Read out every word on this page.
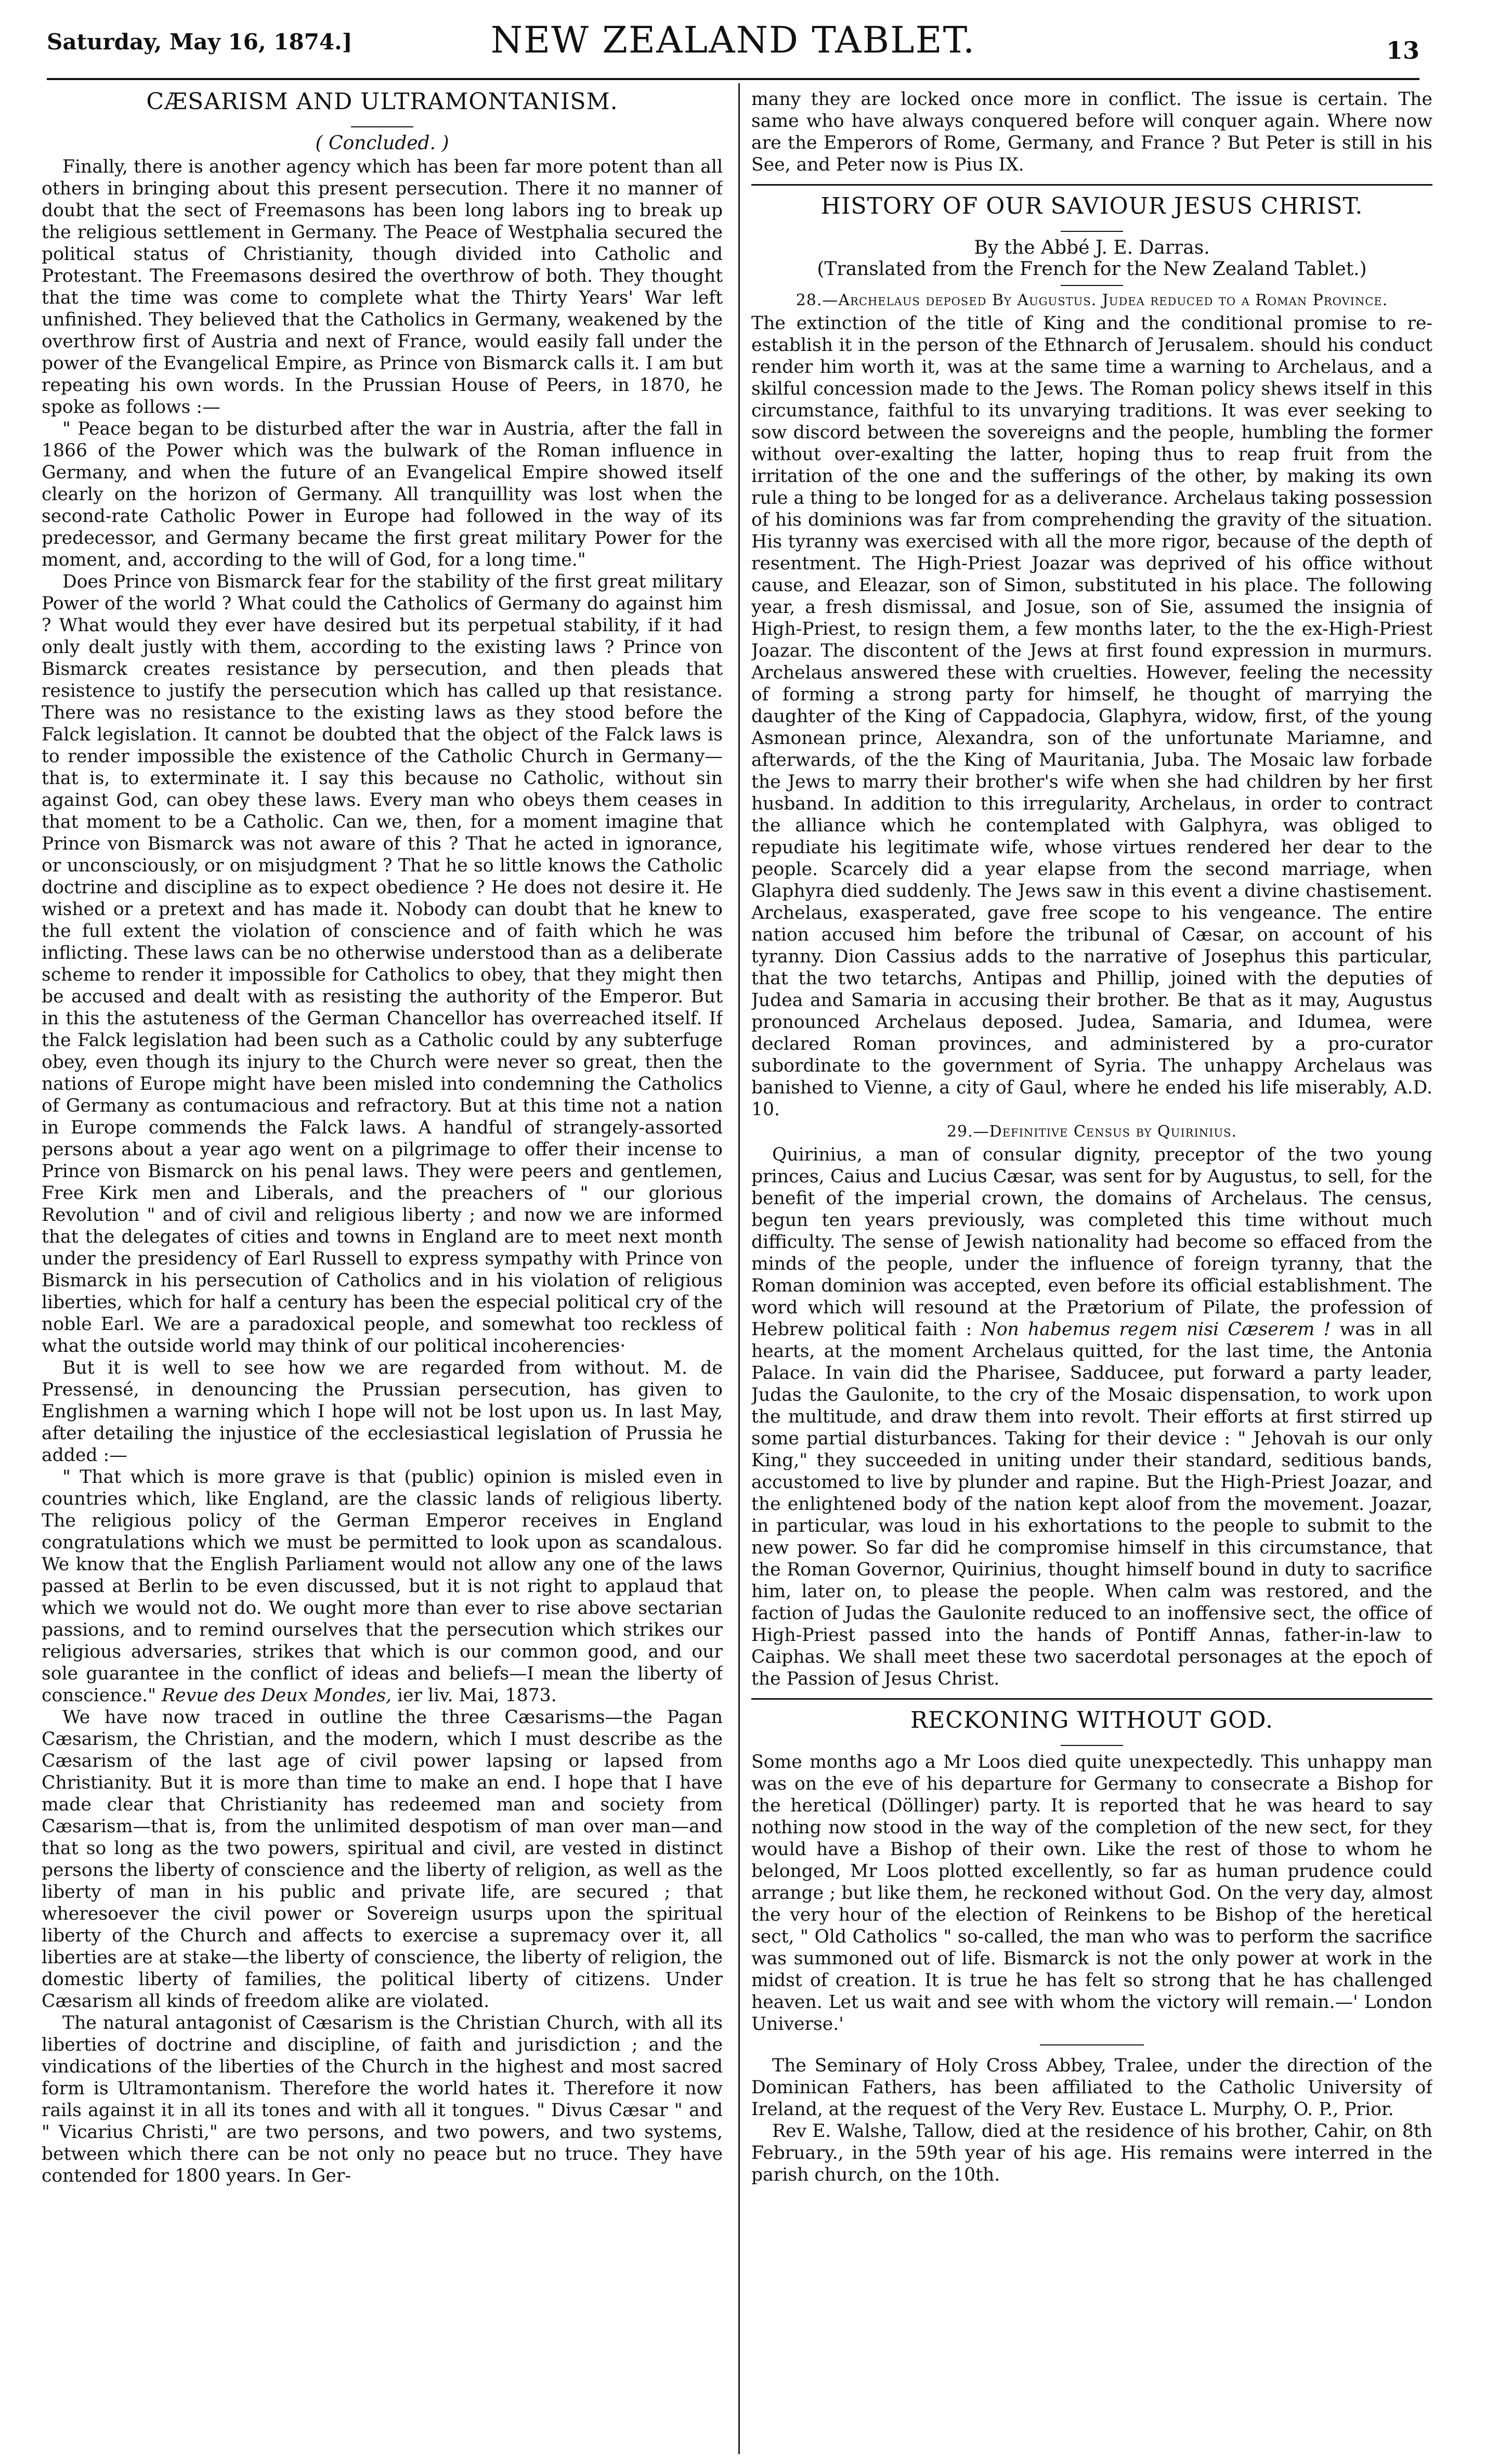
Saturday, May 16, 1874.]	NEW ZEALAND TABLET.	13
CÆSARISM AND ULTRAMONTANISM.
( Concluded. )

Finally, there is another agency which has been far more potent than all others in bringing about this present persecution. There it no manner of doubt that the sect of Freemasons has been long labors ing to break up the religious settlement in Germany. The Peace of Westphalia secured the political status of Christianity, though divided into Catholic and Protestant. The Freemasons desired the overthrow of both. They thought that the time was come to complete what the Thirty Years' War left unfinished. They believed that the Catholics in Germany, weakened by the overthrow first of Austria and next of France, would easily fall under the power of the Evangelical Empire, as Prince von Bismarck calls it. I am but repeating his own words. In the Prussian House of Peers, in 1870, he spoke as follows :—

" Peace began to be disturbed after the war in Austria, after the fall in 1866 of the Power which was the bulwark of the Roman influence in Germany, and when the future of an Evangelical Empire showed itself clearly on the horizon of Germany. All tranquillity was lost when the second-rate Catholic Power in Europe had followed in the way of its predecessor, and Germany became the first great military Power for the moment, and, according to the will of God, for a long time."

Does Prince von Bismarck fear for the stability of the first great military Power of the world ? What could the Catholics of Germany do against him ? What would they ever have desired but its perpetual stability, if it had only dealt justly with them, according to the existing laws ? Prince von Bismarck creates resistance by persecution, and then pleads that resistence to justify the persecution which has called up that resistance. There was no resistance to the existing laws as they stood before the Falck legislation. It cannot be doubted that the object of the Falck laws is to render impossible the existence of the Catholic Church in Germany—that is, to exterminate it. I say this because no Catholic, without sin against God, can obey these laws. Every man who obeys them ceases in that moment to be a Catholic. Can we, then, for a moment imagine that Prince von Bismarck was not aware of this ? That he acted in ignorance, or unconsciously, or on misjudgment ? That he so little knows the Catholic doctrine and discipline as to expect obedience ? He does not desire it. He wished or a pretext and has made it. Nobody can doubt that he knew to the full extent the violation of conscience and of faith which he was inflicting. These laws can be no otherwise understood than as a deliberate scheme to render it impossible for Catholics to obey, that they might then be accused and dealt with as resisting the authority of the Emperor. But in this the astuteness of the German Chancellor has overreached itself. If the Falck legislation had been such as a Catholic could by any subterfuge obey, even though its injury to the Church were never so great, then the nations of Europe might have been misled into condemning the Catholics of Germany as contumacious and refractory. But at this time not a nation in Europe commends the Falck laws. A handful of strangely-assorted persons about a year ago went on a pilgrimage to offer their incense to Prince von Bismarck on his penal laws. They were peers and gentlemen, Free Kirk men and Liberals, and the preachers of " our glorious Revolution " and of civil and religious liberty ; and now we are informed that the delegates of cities and towns in England are to meet next month under the presidency of Earl Russell to express sympathy with Prince von Bismarck in his persecution of Catholics and in his violation of religious liberties, which for half a century has been the especial political cry of the noble Earl. We are a paradoxical people, and somewhat too reckless of what the outside world may think of our political incoherencies·

But it is well to see how we are regarded from without. M. de Pressensé, in denouncing the Prussian persecution, has given to Englishmen a warning which I hope will not be lost upon us. In last May, after detailing the injustice of the ecclesiastical legislation of Prussia he added :—

" That which is more grave is that (public) opinion is misled even in countries which, like England, are the classic lands of religious liberty. The religious policy of the German Emperor receives in England congratulations which we must be permitted to look upon as scandalous. We know that the English Parliament would not allow any one of the laws passed at Berlin to be even discussed, but it is not right to applaud that which we would not do. We ought more than ever to rise above sectarian passions, and to remind ourselves that the persecution which strikes our religious adversaries, strikes that which is our common good, and our sole guarantee in the conflict of ideas and beliefs—I mean the liberty of conscience." Revue des Deux Mondes, ier liv. Mai, 1873.

We have now traced in outline the three Cæsarisms—the Pagan Cæsarism, the Christian, and the modern, which I must describe as the Cæsarism of the last age of civil power lapsing or lapsed from Christianity. But it is more than time to make an end. I hope that I have made clear that Christianity has redeemed man and society from Cæsarism—that is, from the unlimited despotism of man over man—and that so long as the two powers, spiritual and civil, are vested in distinct persons the liberty of conscience and the liberty of religion, as well as the liberty of man in his public and private life, are secured ; that wheresoever the civil power or Sovereign usurps upon the spiritual liberty of the Church and affects to exercise a supremacy over it, all liberties are at stake—the liberty of conscience, the liberty of religion, the domestic liberty of families, the political liberty of citizens. Under Cæsarism all kinds of freedom alike are violated.

The natural antagonist of Cæsarism is the Christian Church, with all its liberties of doctrine and discipline, of faith and jurisdiction ; and the vindications of the liberties of the Church in the highest and most sacred form is Ultramontanism. Therefore the world hates it. Therefore it now rails against it in all its tones and with all it tongues. " Divus Cæsar " and " Vicarius Christi," are two persons, and two powers, and two systems, between which there can be not only no peace but no truce. They have contended for 1800 years. In Ger-

many they are locked once more in conflict. The issue is certain. The same who have always conquered before will conquer again. Where now are the Emperors of Rome, Germany, and France ? But Peter is still in his See, and Peter now is Pius IX.

HISTORY OF OUR SAVIOUR JESUS CHRIST.

By the Abbé J. E. Darras.

(Translated from the French for the New Zealand Tablet.)

28.—Archelaus deposed By Augustus. Judea reduced to a Roman Province.

The extinction of the title of King and the conditional promise to re-establish it in the person of the Ethnarch of Jerusalem. should his conduct render him worth it, was at the same time a warning to Archelaus, and a skilful concession made to the Jews. The Roman policy shews itself in this circumstance, faithful to its unvarying traditions. It was ever seeking to sow discord between the sovereigns and the people, humbling the former without over-exalting the latter, hoping thus to reap fruit from the irritation of the one and the sufferings of the other, by making its own rule a thing to be longed for as a deliverance. Archelaus taking possession of his dominions was far from comprehending the gravity of the situation. His tyranny was exercised with all the more rigor, because of the depth of resentment. The High-Priest Joazar was deprived of his office without cause, and Eleazar, son of Simon, substituted in his place. The following year, a fresh dismissal, and Josue, son of Sie, assumed the insignia of High-Priest, to resign them, a few months later, to the the ex-High-Priest Joazar. The discontent of the Jews at first found expression in murmurs. Archelaus answered these with cruelties. However, feeling the necessity of forming a strong party for himself, he thought of marrying the daughter of the King of Cappadocia, Glaphyra, widow, first, of the young Asmonean prince, Alexandra, son of the unfortunate Mariamne, and afterwards, of the the King of Mauritania, Juba. The Mosaic law forbade the Jews to marry their brother's wife when she had children by her first husband. In addition to this irregularity, Archelaus, in order to contract the alliance which he contemplated with Galphyra, was obliged to repudiate his legitimate wife, whose virtues rendered her dear to the people. Scarcely did a year elapse from the second marriage, when Glaphyra died suddenly. The Jews saw in this event a divine chastisement. Archelaus, exasperated, gave free scope to his vengeance. The entire nation accused him before the tribunal of Cæsar, on account of his tyranny. Dion Cassius adds to the narrative of Josephus this particular, that the two tetarchs, Antipas and Phillip, joined with the deputies of Judea and Samaria in accusing their brother. Be that as it may, Augustus pronounced Archelaus deposed. Judea, Samaria, and Idumea, were declared Roman provinces, and administered by a pro-curator subordinate to the government of Syria. The unhappy Archelaus was banished to Vienne, a city of Gaul, where he ended his life miserably, A.D. 10.

29.—Definitive Census by Quirinius.

Quirinius, a man of consular dignity, preceptor of the two young princes, Caius and Lucius Cæsar, was sent for by Augustus, to sell, for the benefit of the imperial crown, the domains of Archelaus. The census, begun ten years previously, was completed this time without much difficulty. The sense of Jewish nationality had become so effaced from the minds of the people, under the influence of foreign tyranny, that the Roman dominion was accepted, even before its official establishment. The word which will resound at the Prætorium of Pilate, the profession of Hebrew political faith : Non habemus regem nisi Cæserem ! was in all hearts, at the moment Archelaus quitted, for the last time, the Antonia Palace. In vain did the Pharisee, Sadducee, put forward a party leader, Judas the Gaulonite, to the cry of the Mosaic dispensation, to work upon the multitude, and draw them into revolt. Their efforts at first stirred up some partial disturbances. Taking for their device : " Jehovah is our only King," they succeeded in uniting under their standard, seditious bands, accustomed to live by plunder and rapine. But the High-Priest Joazar, and the enlightened body of the nation kept aloof from the movement. Joazar, in particular, was loud in his exhortations to the people to submit to the new power. So far did he compromise himself in this circumstance, that the Roman Governor, Quirinius, thought himself bound in duty to sacrifice him, later on, to please the people. When calm was restored, and the faction of Judas the Gaulonite reduced to an inoffensive sect, the office of High-Priest passed into the hands of Pontiff Annas, father-in-law to Caiphas. We shall meet these two sacerdotal personages at the epoch of the Passion of Jesus Christ.

RECKONING WITHOUT GOD.

Some months ago a Mr Loos died quite unexpectedly. This unhappy man was on the eve of his departure for Germany to consecrate a Bishop for the heretical (Döllinger) party. It is reported that he was heard to say nothing now stood in the way of the completion of the new sect, for they would have a Bishop of their own. Like the rest of those to whom he belonged, Mr Loos plotted excellently, so far as human prudence could arrange ; but like them, he reckoned without God. On the very day, almost the very hour of the election of Reinkens to be Bishop of the heretical sect, " Old Catholics " so-called, the man who was to perform the sacrifice was summoned out of life. Bismarck is not the only power at work in the midst of creation. It is true he has felt so strong that he has challenged heaven. Let us wait and see with whom the victory will remain.—' London Universe.'

The Seminary of Holy Cross Abbey, Tralee, under the direction of the Dominican Fathers, has been affiliated to the Catholic University of Ireland, at the request of the Very Rev. Eustace L. Murphy, O. P., Prior.

Rev E. Walshe, Tallow, died at the residence of his brother, Cahir, on 8th February., in the 59th year of his age. His remains were interred in the parish church, on the 10th.
